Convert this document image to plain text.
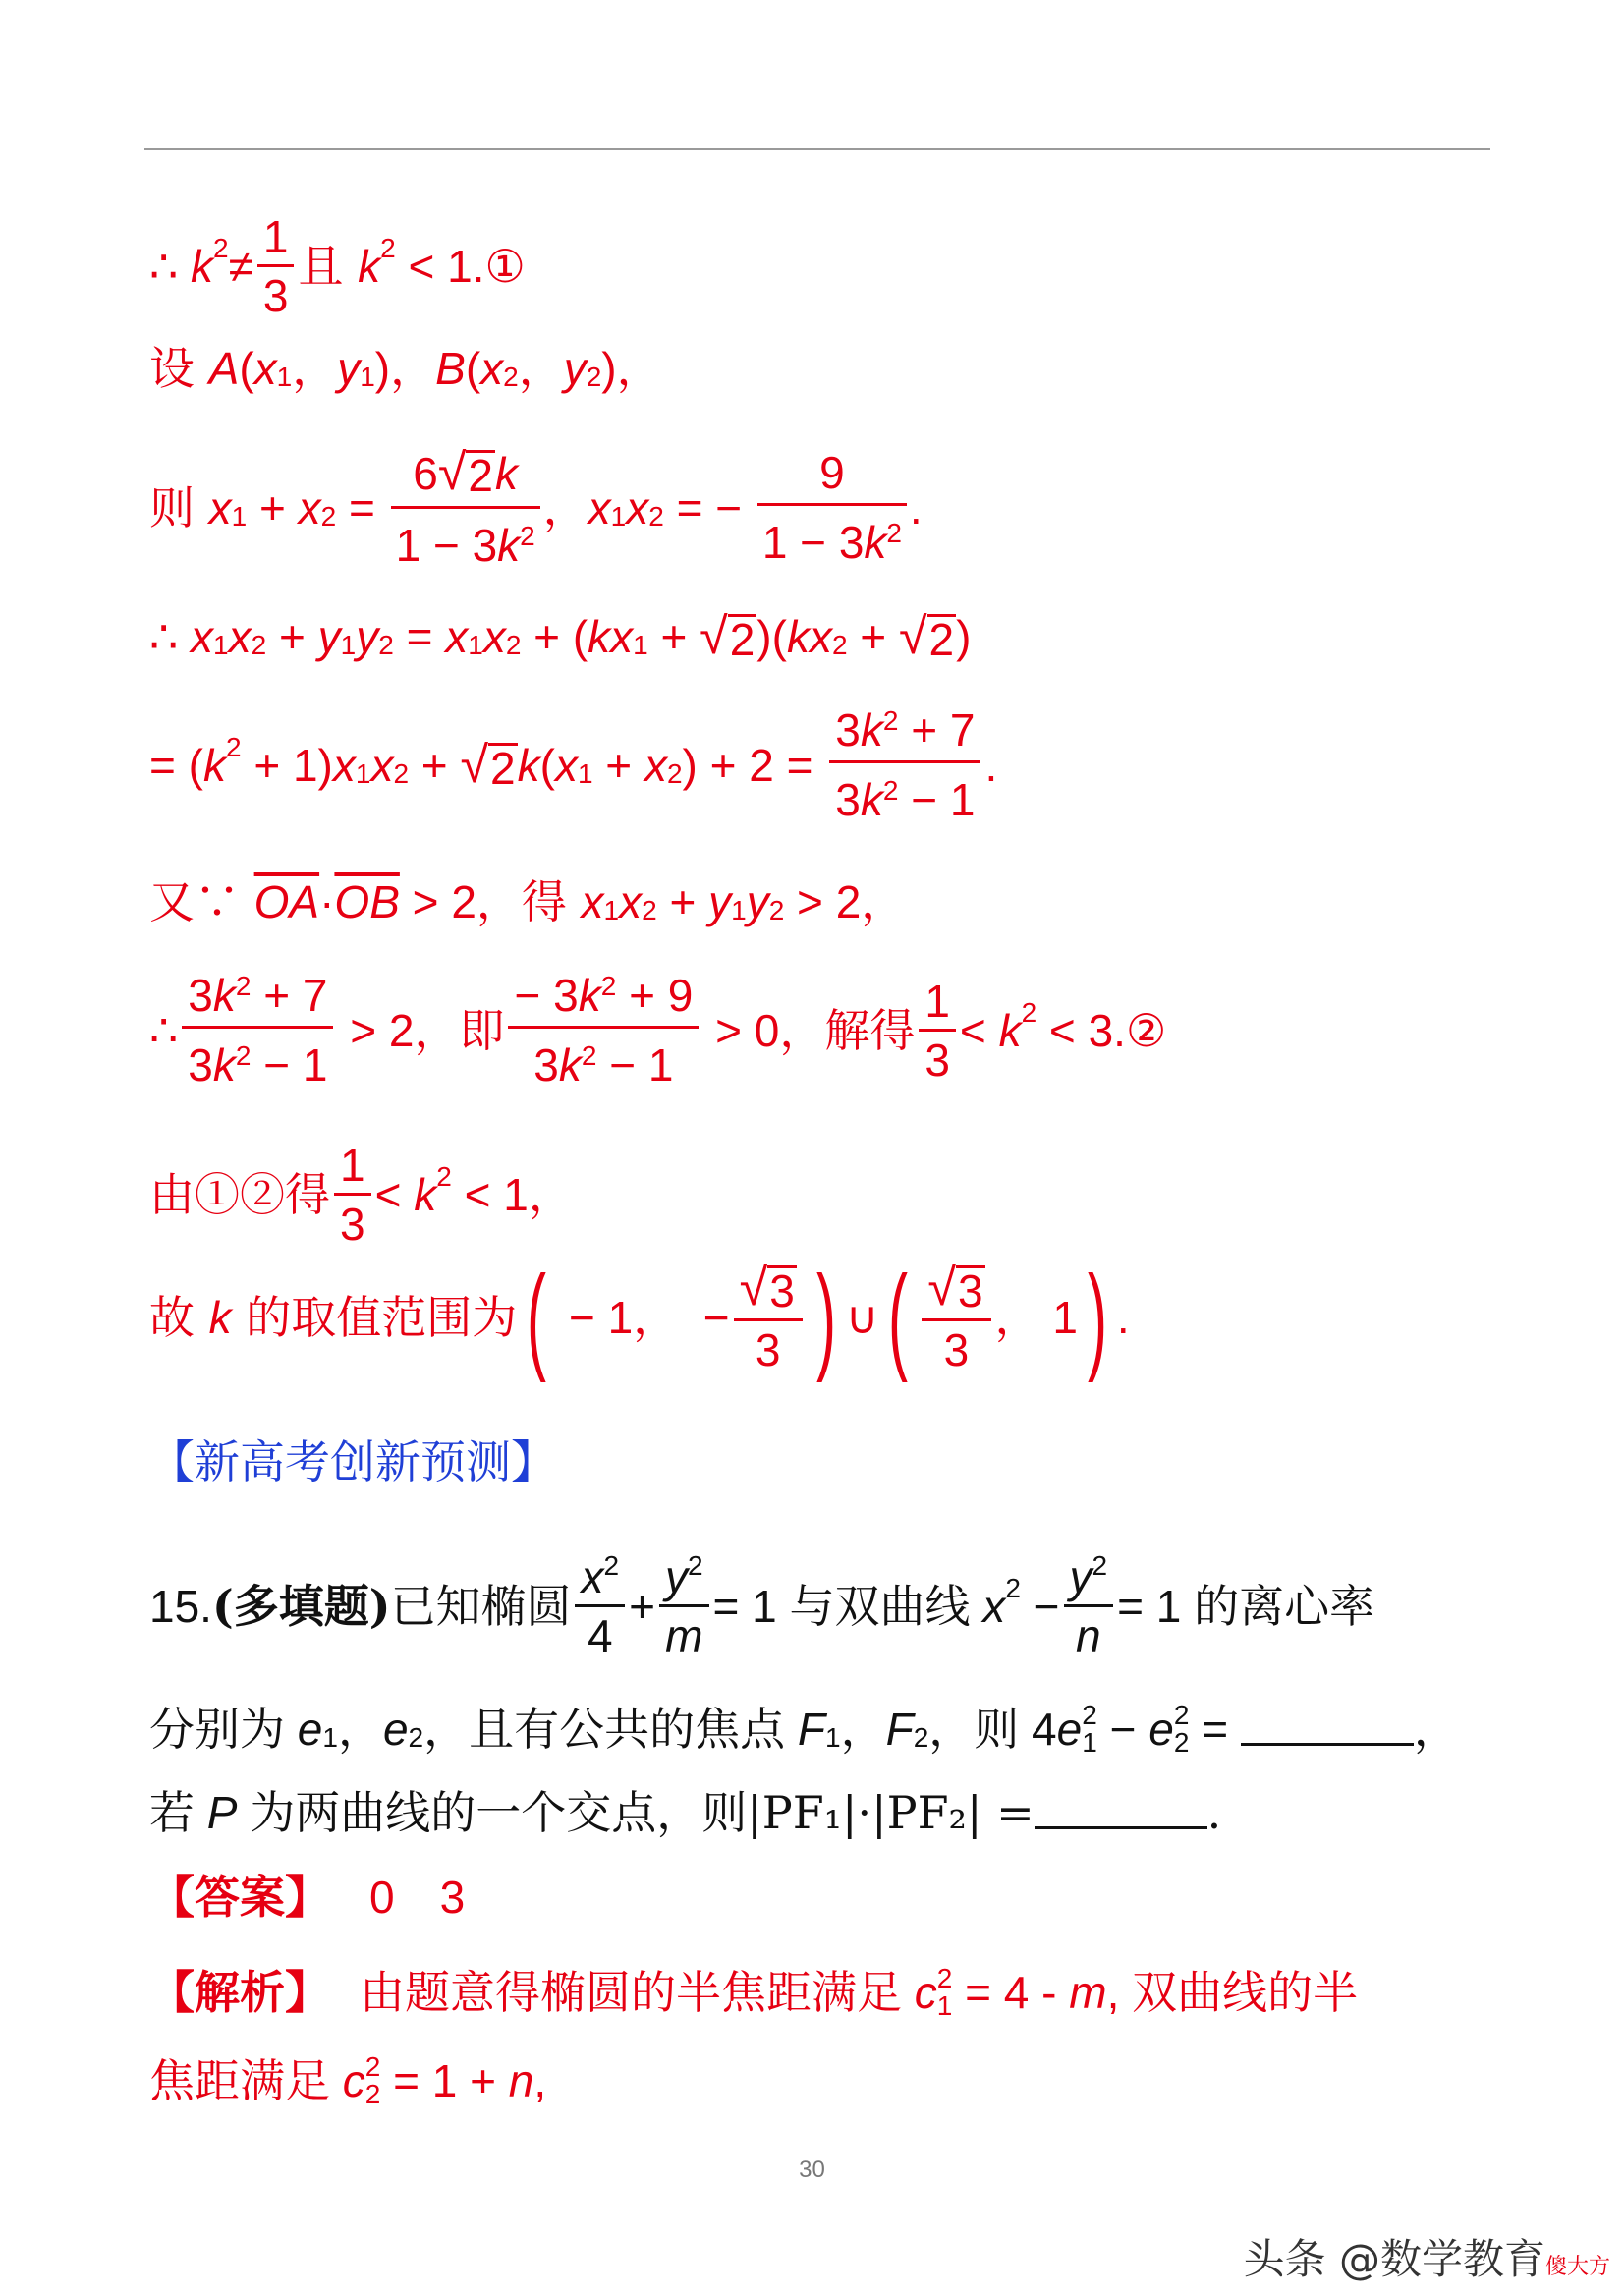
∴ k $2 \ne \frac{1}{3}$ 且 k 2 < 1.①
设 A ( x 1 ， y 1 ) ， B ( x 2 ， y 2 ) ，
则 x 1 + x $2 = \frac{6 √ 2 k}{1 - 3k^2}$ ， x 1 x 2 = − $\frac{9}{1 - 3k^2}$ .
∴ x 1 x 2 + y 1 y 2 = x 1 x 2 + ( kx 1 + √ 2 )( kx 2 + √ 2 )
= ( k 2 + 1) x 1 x 2 + √ 2 k ( x 1 + x 2 ) + $2 = \frac{3k^2 + 7}{3k^2 - 1}$ .
又∵ $\overline{OA} \cdot \overline{OB} > 2$ ，得 x 1 x 2 + y 1 y 2 > 2 ，
∴ $\frac{3k^2 + 7}{3k^2 - 1} > 2$ ，即 $\frac{- 3k^2 + 9}{3k^2 - 1} > 0$ ，解得 $\frac{1}{3} < k$ 2 < 3.②
由①②得 $\frac{1}{3} < k$ 2 < 1 ，
故 k 的取值范围为 ( − 1，  − $\frac{√ 3}{3}$ ) ∪ ( $\frac{√ 3}{3}$ ， 1 ) .
【新高考创新预测】
15. (多填题) 已知椭圆 $\frac{x^2}{4} + \frac{y^2}{m} = 1$ 与双曲线 x $2 - \frac{y^2}{n} = 1$ 的离心率
分别为 e 1 ， e 2 ，且有公共的焦点 F 1 ， F 2 ，则 4 e 2
1 − e 2
2 =	，
若 P 为两曲线的一个交点，则|PF₁|·|PF₂| =	.
【答案】 0　3
【解析】 由题意得椭圆的半焦距满足 c 2
1 = 4 - m , 双曲线的半
焦距满足 c 2
2 = 1 + n ,
30
头条 @数学教育傻大方
